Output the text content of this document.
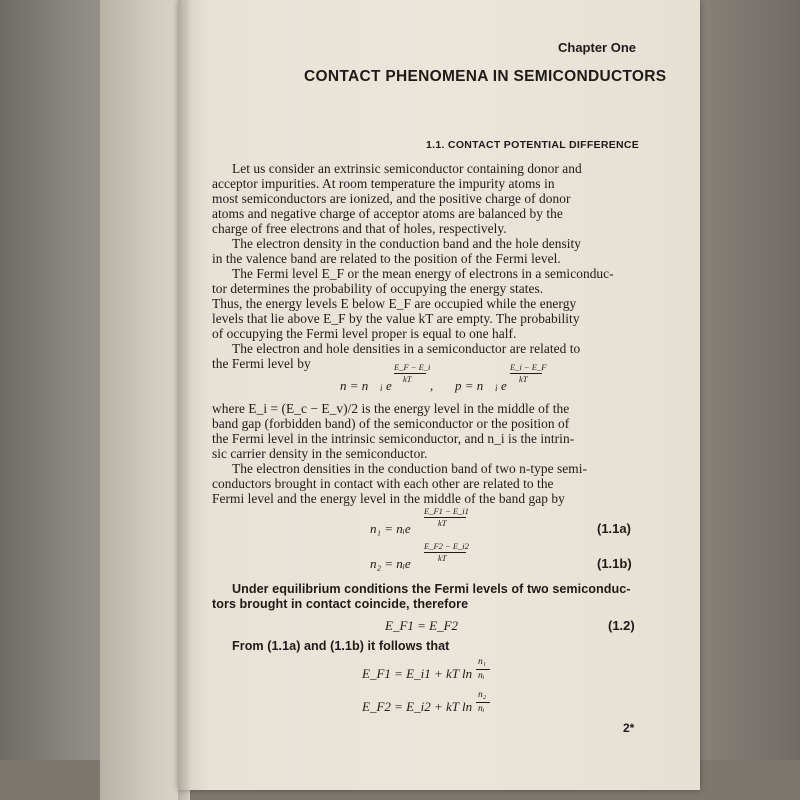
Chapter One
CONTACT PHENOMENA IN SEMICONDUCTORS
1.1. CONTACT POTENTIAL DIFFERENCE
Let us consider an extrinsic semiconductor containing donor and
acceptor impurities. At room temperature the impurity atoms in
most semiconductors are ionized, and the positive charge of donor
atoms and negative charge of acceptor atoms are balanced by the
charge of free electrons and that of holes, respectively.
The electron density in the conduction band and the hole density
in the valence band are related to the position of the Fermi level.
The Fermi level E_F or the mean energy of electrons in a semiconduc-
tor determines the probability of occupying the energy states.
Thus, the energy levels E below E_F are occupied while the energy
levels that lie above E_F by the value kT are empty. The probability
of occupying the Fermi level proper is equal to one half.
The electron and hole densities in a semiconductor are related to
the Fermi level by
n = n i e
E_F − E_i
kT , p = n i e
E_i − E_F
kT
where E_i = (E_c − E_v)/2 is the energy level in the middle of the
band gap (forbidden band) of the semiconductor or the position of
the Fermi level in the intrinsic semiconductor, and n_i is the intrin-
sic carrier density in the semiconductor.
The electron densities in the conduction band of two n-type semi-
conductors brought in contact with each other are related to the
Fermi level and the energy level in the middle of the band gap by
n₁ = nᵢe
E_F1 − E_i1
kT	(1.1a)
n₂ = nᵢe
E_F2 − E_i2
kT	(1.1b)
Under equilibrium conditions the Fermi levels of two semiconduc-
tors brought in contact coincide, therefore
E_F1 = E_F2	(1.2)
From (1.1a) and (1.1b) it follows that
E_F1 = E_i1 + kT ln
n₁
nᵢ
E_F2 = E_i2 + kT ln
n₂
nᵢ
2*
